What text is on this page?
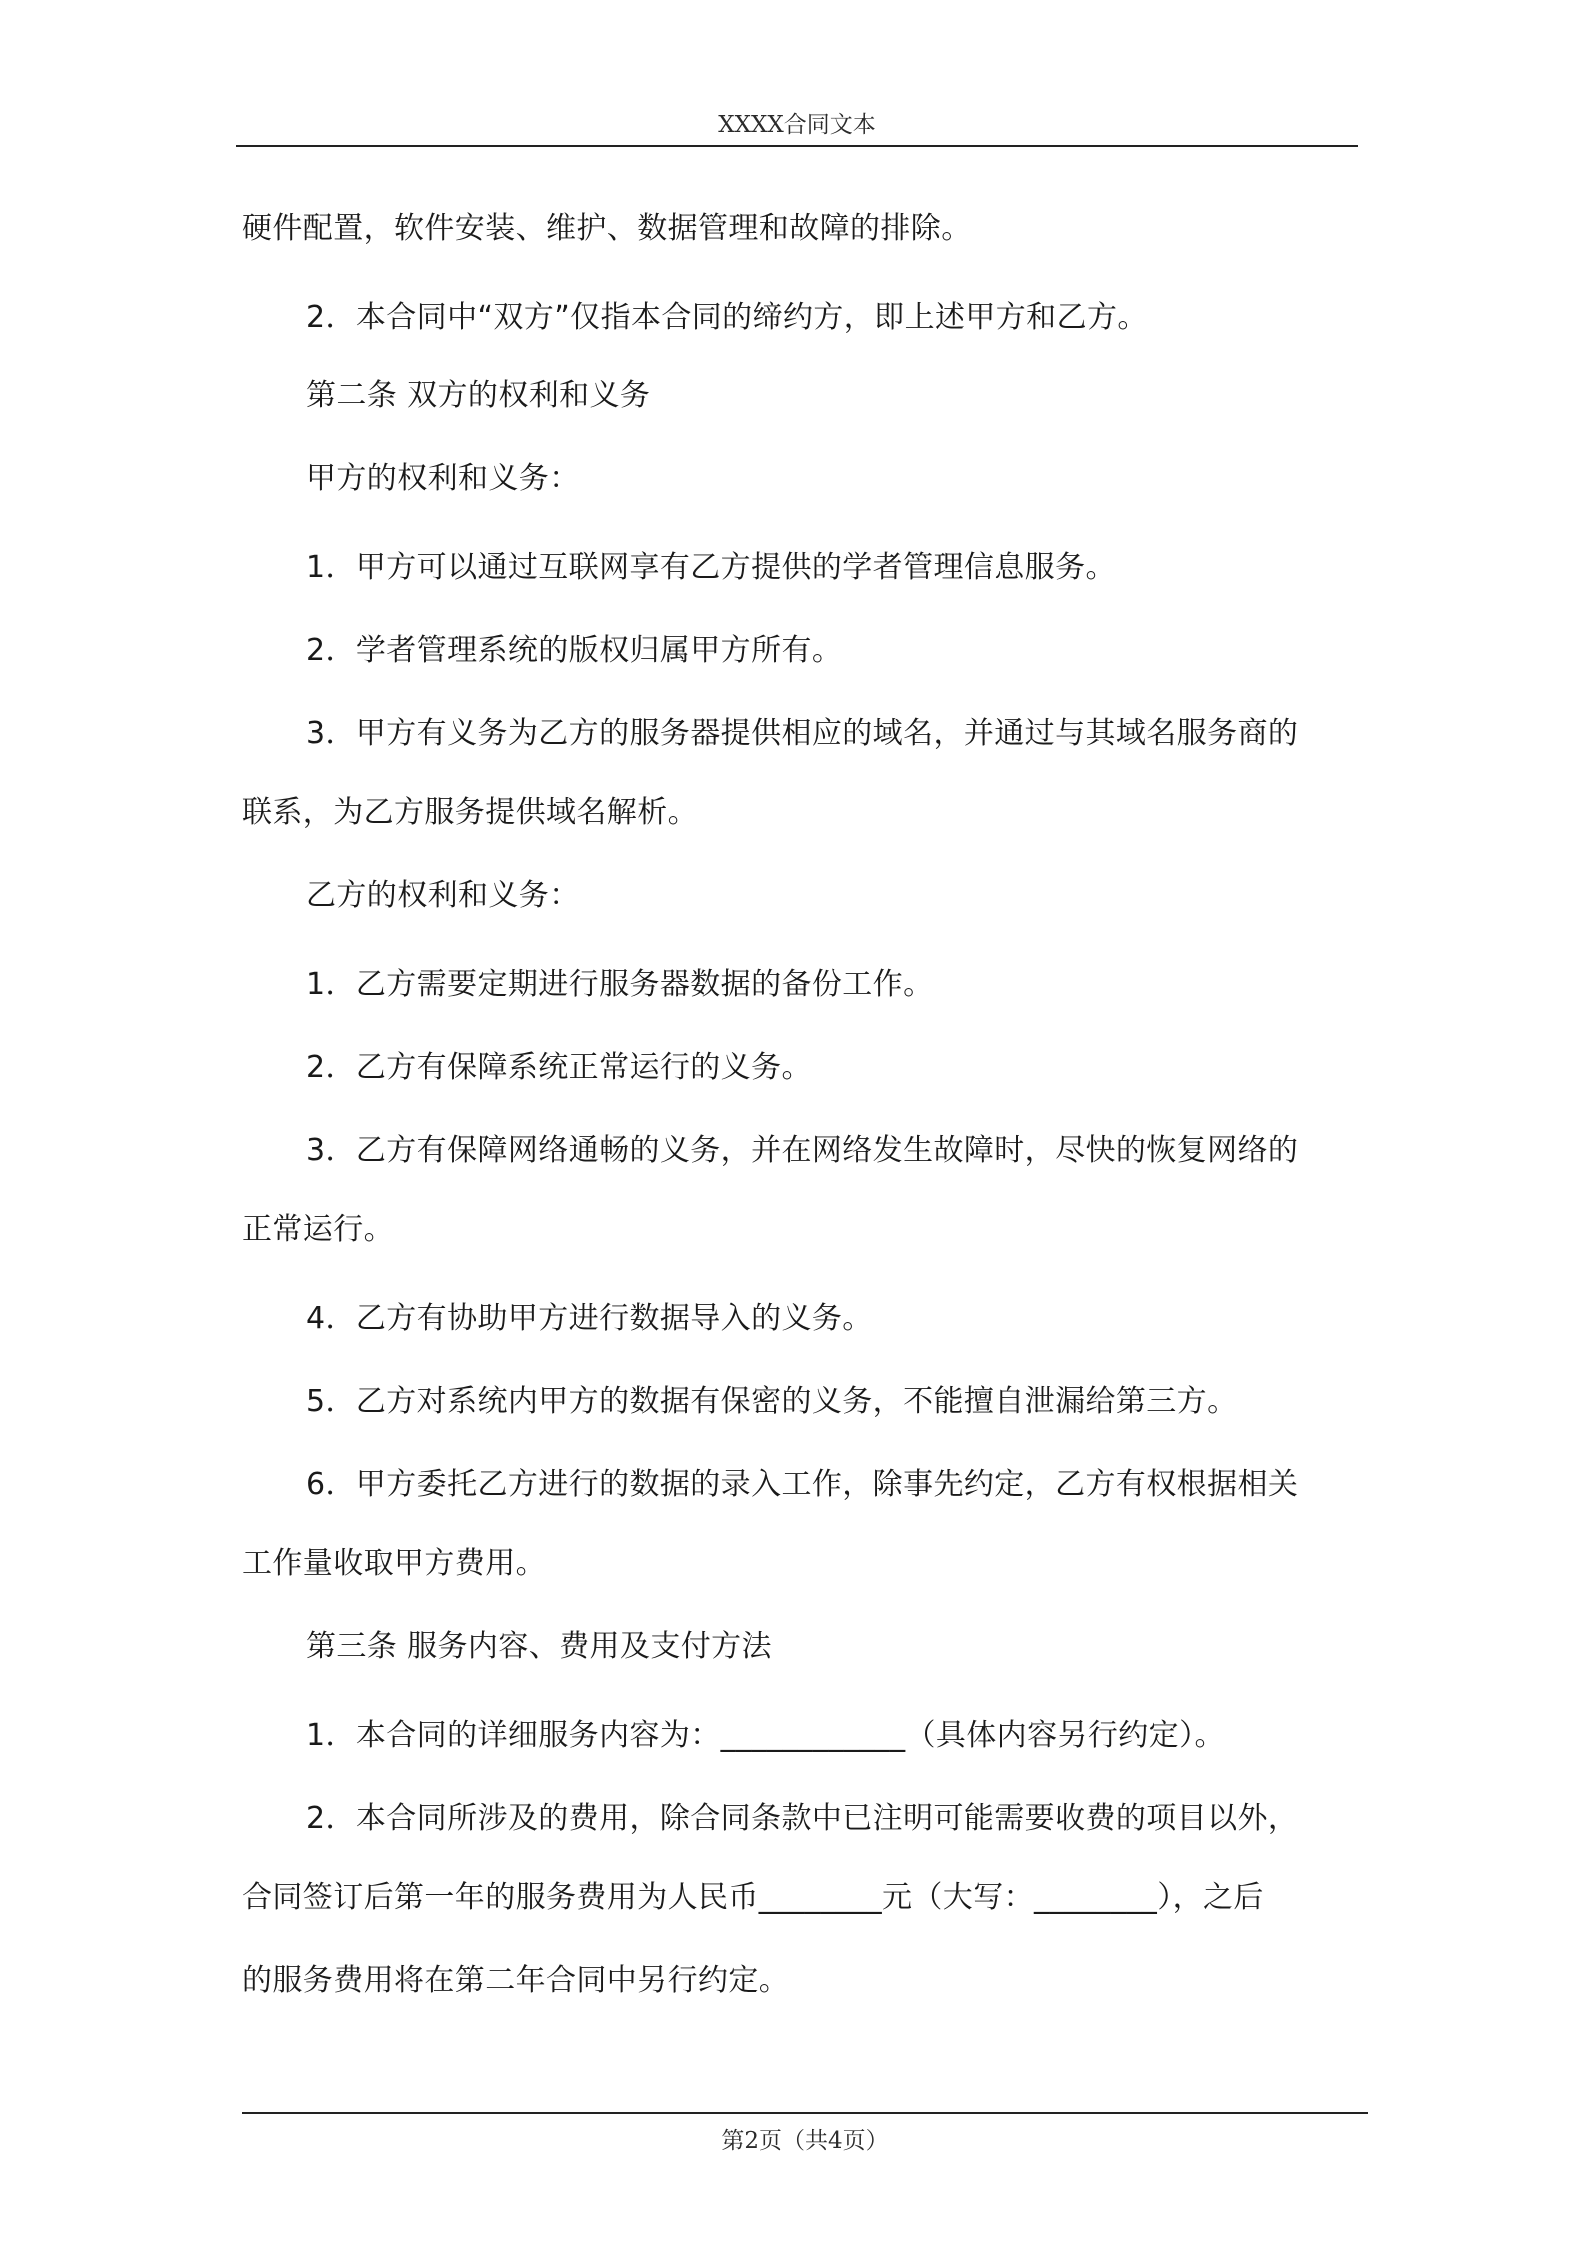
XXXX合同文本
硬件配置，软件安装、维护、数据管理和故障的排除。
2．本合同中“双方”仅指本合同的缔约方，即上述甲方和乙方。
第二条 双方的权利和义务
甲方的权利和义务：
1．甲方可以通过互联网享有乙方提供的学者管理信息服务。
2．学者管理系统的版权归属甲方所有。
3．甲方有义务为乙方的服务器提供相应的域名，并通过与其域名服务商的
联系，为乙方服务提供域名解析。
乙方的权利和义务：
1．乙方需要定期进行服务器数据的备份工作。
2．乙方有保障系统正常运行的义务。
3．乙方有保障网络通畅的义务，并在网络发生故障时，尽快的恢复网络的
正常运行。
4．乙方有协助甲方进行数据导入的义务。
5．乙方对系统内甲方的数据有保密的义务，不能擅自泄漏给第三方。
6．甲方委托乙方进行的数据的录入工作，除事先约定，乙方有权根据相关
工作量收取甲方费用。
第三条 服务内容、费用及支付方法
1．本合同的详细服务内容为：____________（具体内容另行约定）。
2．本合同所涉及的费用，除合同条款中已注明可能需要收费的项目以外，
合同签订后第一年的服务费用为人民币________元（大写：________），之后
的服务费用将在第二年合同中另行约定。
第2页（共4页）
